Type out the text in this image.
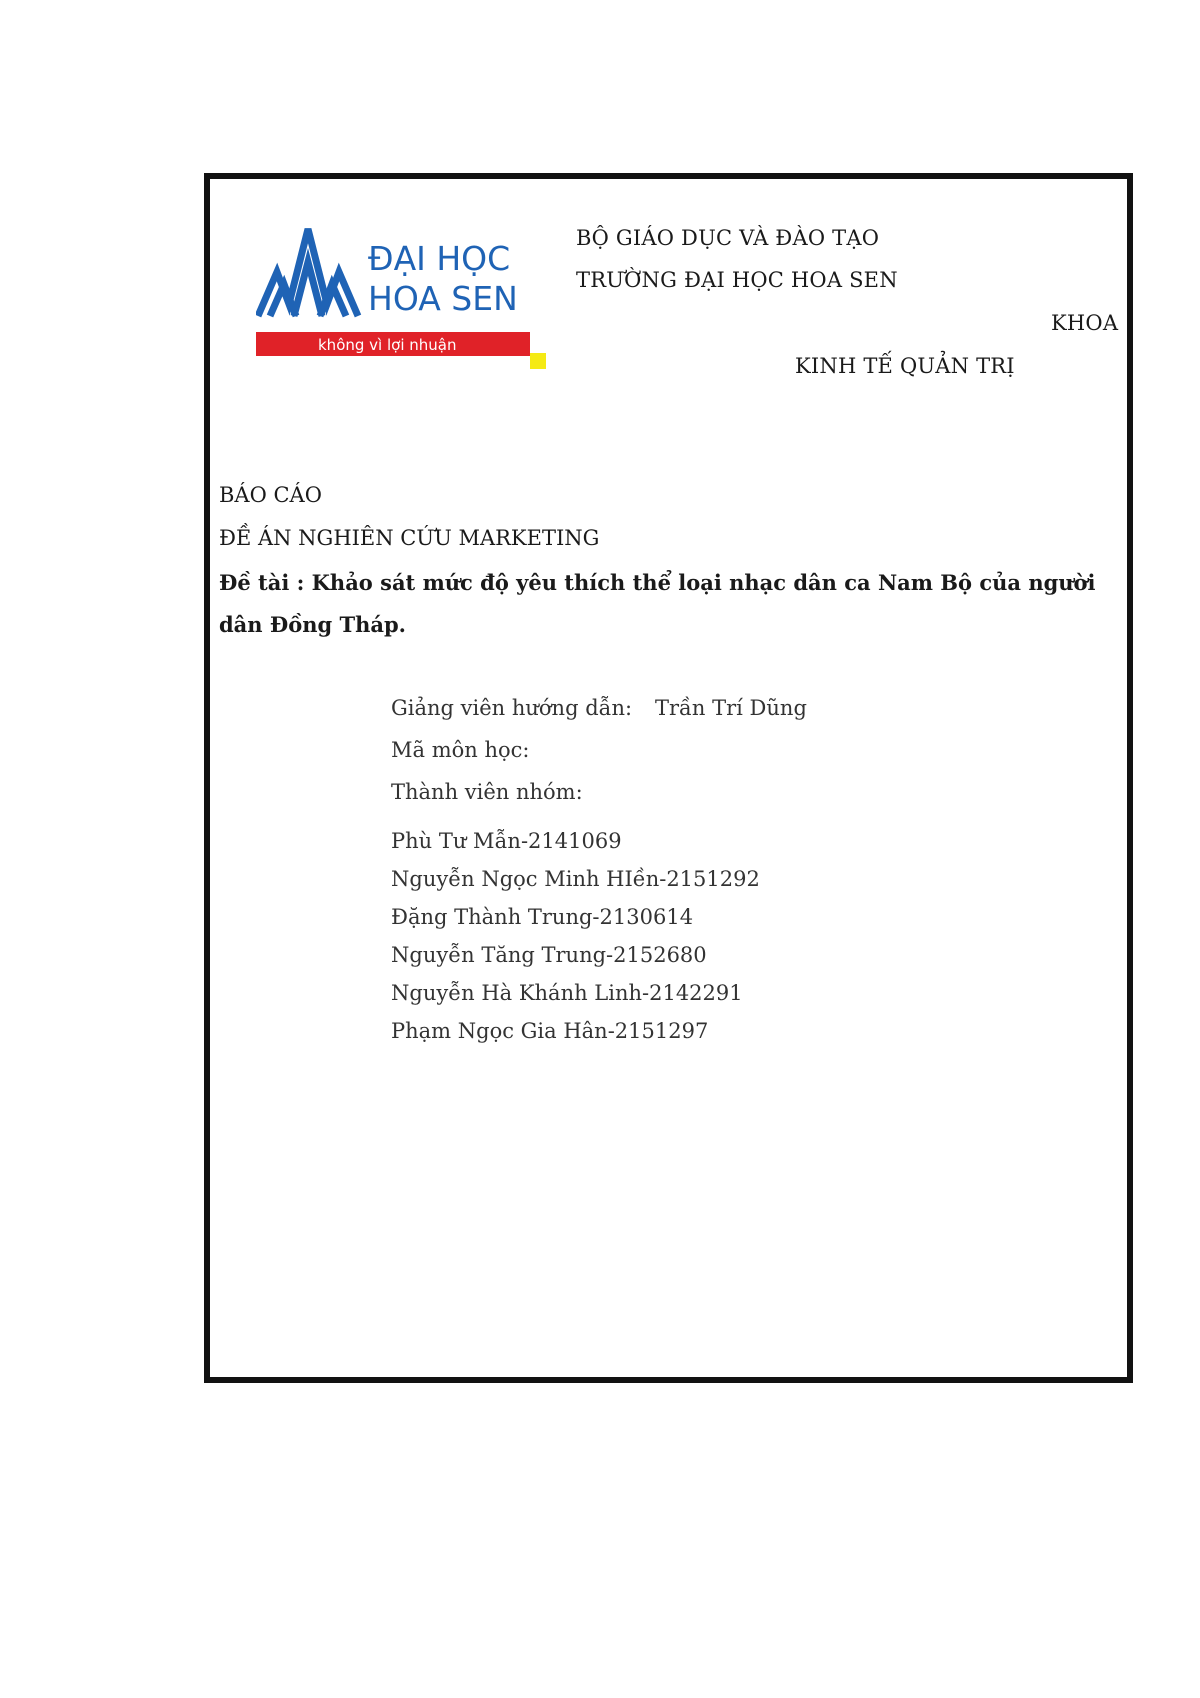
ĐẠI HỌC
HOA SEN
không vì lợi nhuận
BỘ GIÁO DỤC VÀ ĐÀO TẠO
TRƯỜNG ĐẠI HỌC HOA SEN
KHOA
KINH TẾ QUẢN TRỊ
BÁO CÁO
ĐỀ ÁN NGHIÊN CỨU MARKETING
Đề tài : Khảo sát mức độ yêu thích thể loại nhạc dân ca Nam Bộ của người dân Đồng Tháp.
Giảng viên hướng dẫn: Trần Trí Dũng
Mã môn học:
Thành viên nhóm:
Phù Tư Mẫn-2141069
Nguyễn Ngọc Minh HIền-2151292
Đặng Thành Trung-2130614
Nguyễn Tăng Trung-2152680
Nguyễn Hà Khánh Linh-2142291
Phạm Ngọc Gia Hân-2151297
